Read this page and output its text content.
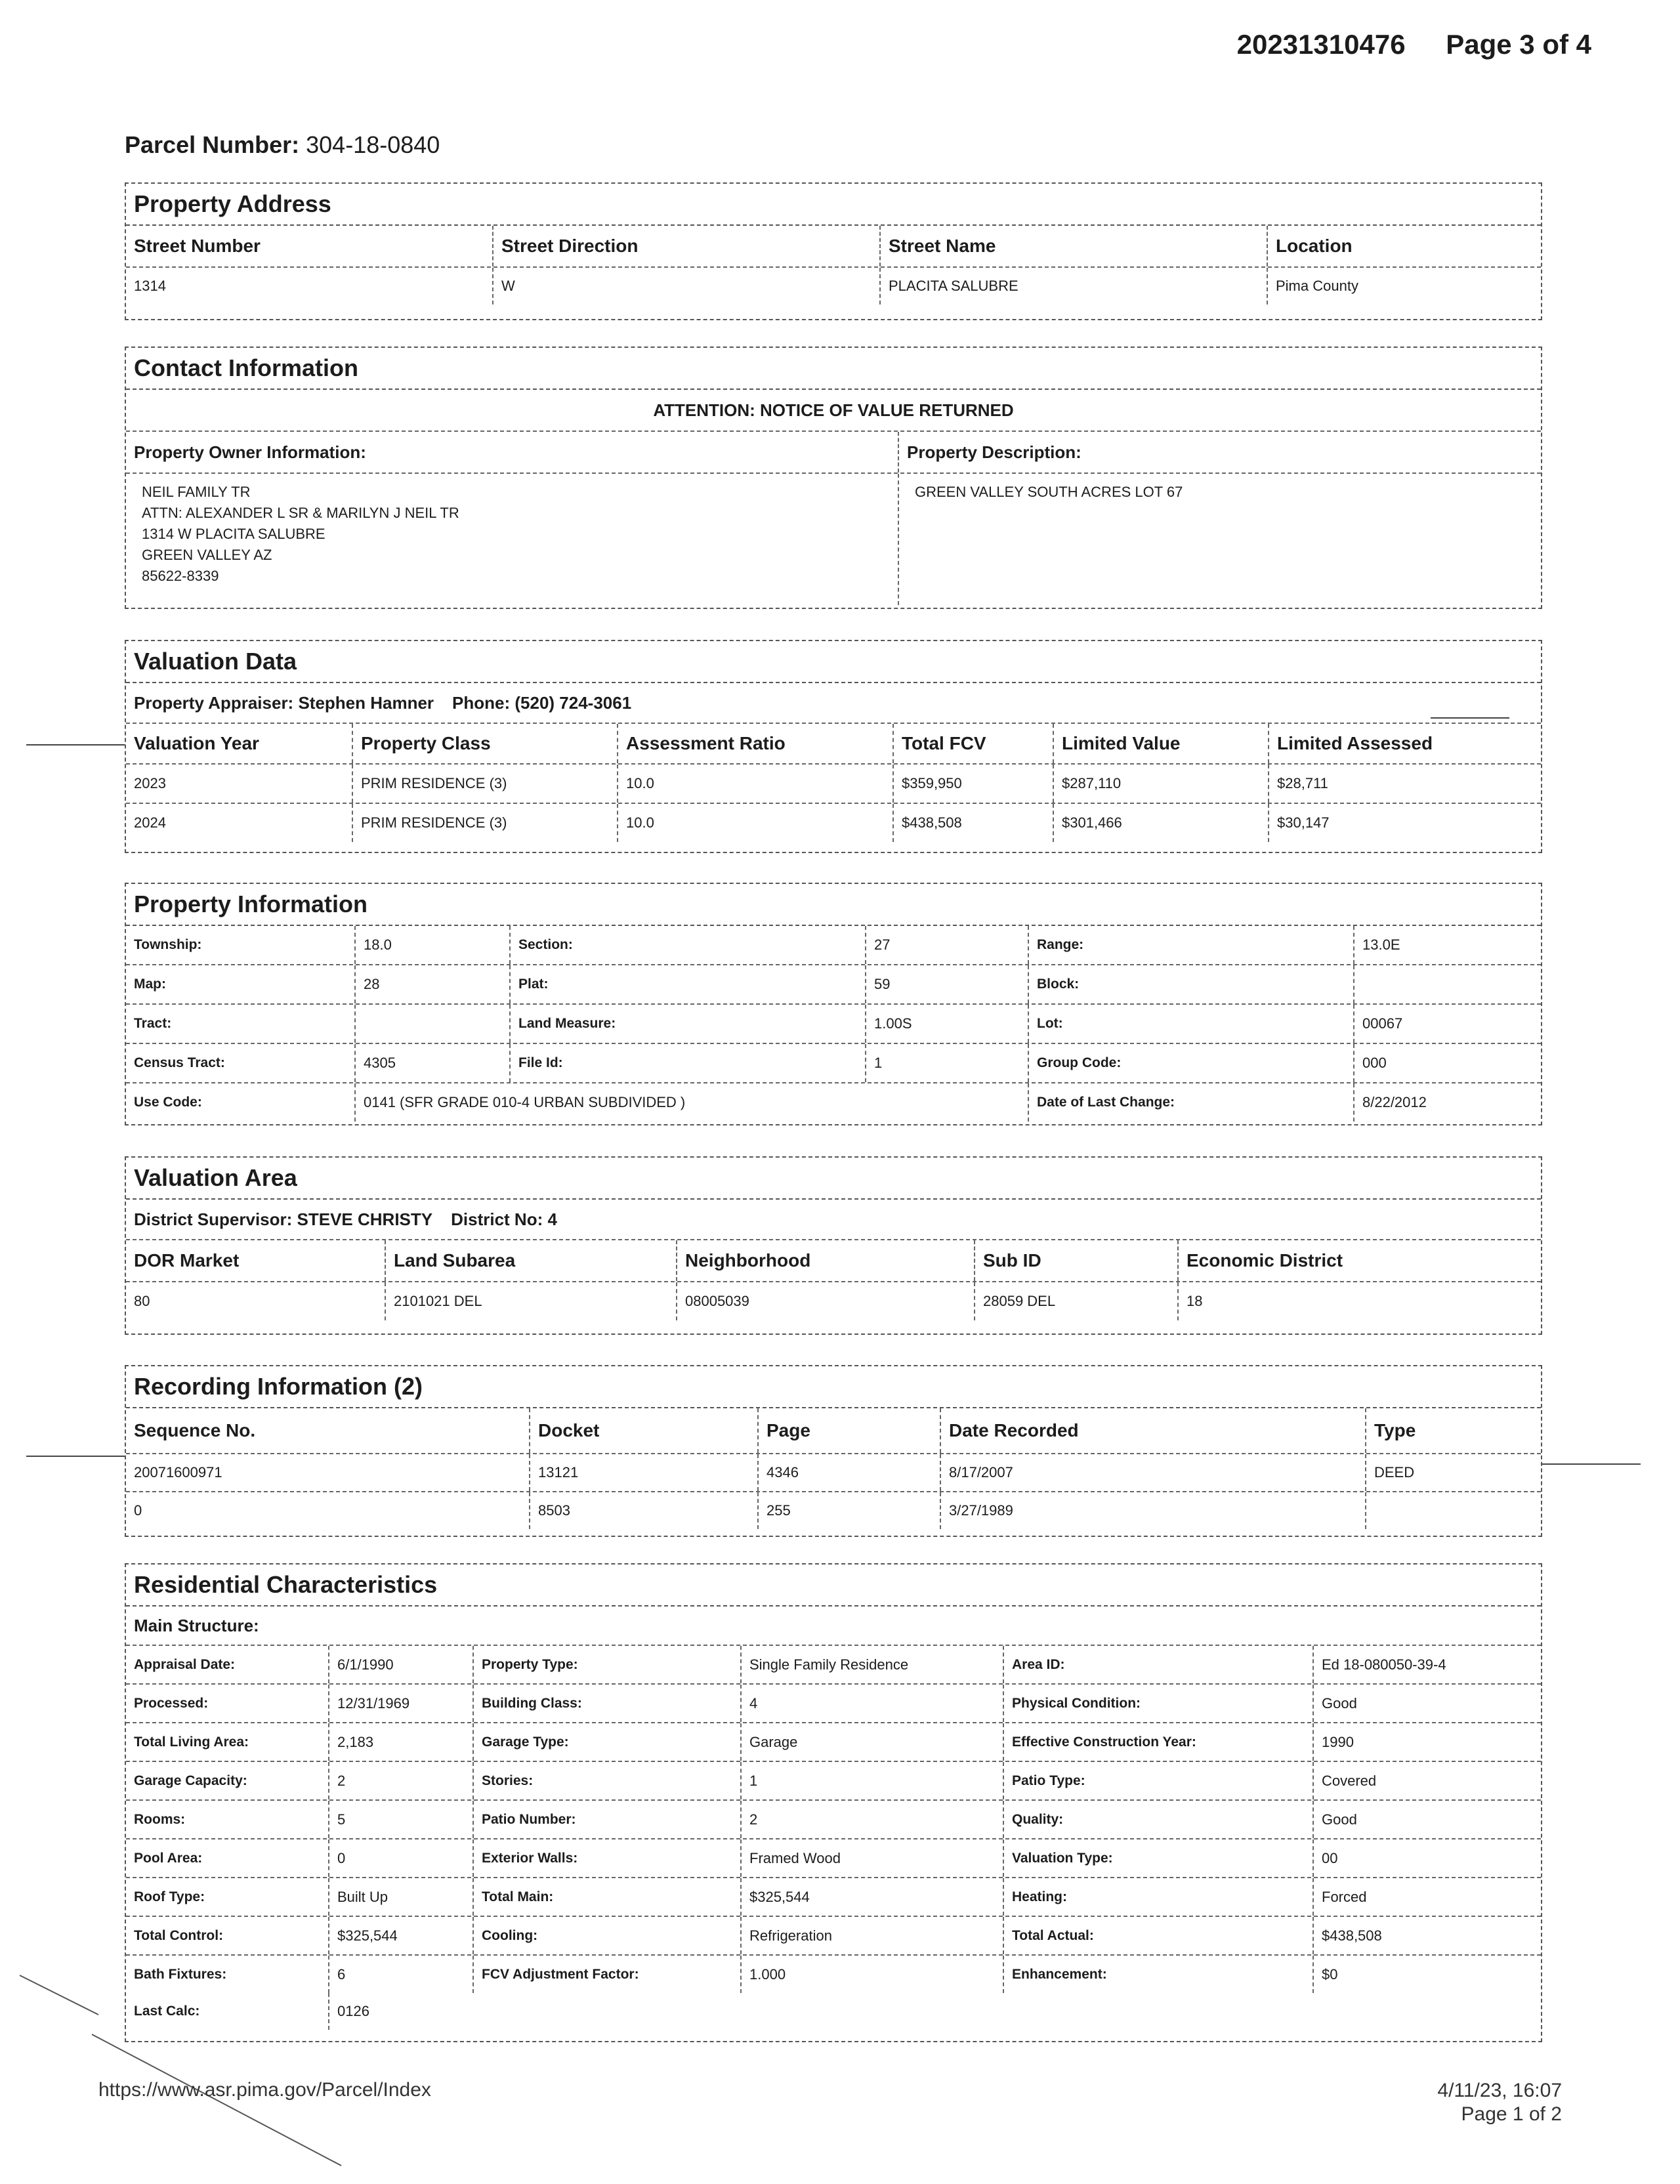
20231310476 Page 3 of 4
Parcel Number: 304-18-0840
Property Address
Street Number	Street Direction	Street Name	Location
1314	W	PLACITA SALUBRE	Pima County
Contact Information
ATTENTION: NOTICE OF VALUE RETURNED
Property Owner Information:	Property Description:
NEIL FAMILY TR
ATTN: ALEXANDER L SR & MARILYN J NEIL TR
1314 W PLACITA SALUBRE
GREEN VALLEY AZ
85622-8339
GREEN VALLEY SOUTH ACRES LOT 67
Valuation Data
Property Appraiser: Stephen Hamner Phone: (520) 724-3061
Valuation Year	Property Class	Assessment Ratio	Total FCV	Limited Value	Limited Assessed
2023	PRIM RESIDENCE (3)	10.0	$359,950	$287,110	$28,711
2024	PRIM RESIDENCE (3)	10.0	$438,508	$301,466	$30,147
Property Information
Township:	18.0	Section:	27	Range:	13.0E
Map:	28	Plat:	59	Block:
Tract:	Land Measure:	1.00S	Lot:	00067
Census Tract:	4305	File Id:	1	Group Code:	000
Use Code:	0141 (SFR GRADE 010-4 URBAN SUBDIVIDED )	Date of Last Change:	8/22/2012
Valuation Area
District Supervisor: STEVE CHRISTY District No: 4
DOR Market	Land Subarea	Neighborhood	Sub ID	Economic District
80	2101021 DEL	08005039	28059 DEL	18
Recording Information (2)
Sequence No.	Docket	Page	Date Recorded	Type
20071600971	13121	4346	8/17/2007	DEED
0	8503	255	3/27/1989
Residential Characteristics
Main Structure:
Appraisal Date:	6/1/1990	Property Type:	Single Family Residence	Area ID:	Ed 18-080050-39-4
Processed:	12/31/1969	Building Class:	4	Physical Condition:	Good
Total Living Area:	2,183	Garage Type:	Garage	Effective Construction Year:	1990
Garage Capacity:	2	Stories:	1	Patio Type:	Covered
Rooms:	5	Patio Number:	2	Quality:	Good
Pool Area:	0	Exterior Walls:	Framed Wood	Valuation Type:	00
Roof Type:	Built Up	Total Main:	$325,544	Heating:	Forced
Total Control:	$325,544	Cooling:	Refrigeration	Total Actual:	$438,508
Bath Fixtures:	6	FCV Adjustment Factor:	1.000	Enhancement:	$0
Last Calc:	0126
https://www.asr.pima.gov/Parcel/Index	4/11/23, 16:07
Page 1 of 2
